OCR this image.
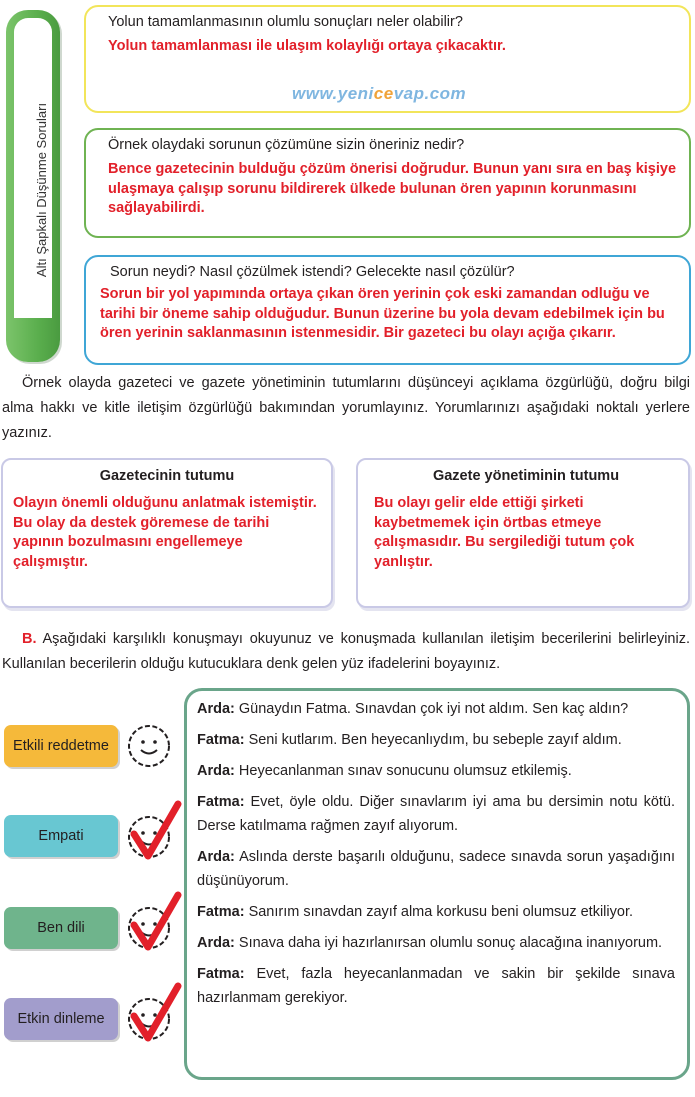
Altı Şapkalı Düşünme Soruları
Yolun tamamlanmasının olumlu sonuçları neler olabilir?
Yolun tamamlanması ile ulaşım kolaylığı ortaya çıkacaktır.
www.yenicevap.com
Örnek olaydaki sorunun çözümüne sizin öneriniz nedir?
Bence gazetecinin bulduğu çözüm önerisi doğrudur. Bunun yanı sıra en baş kişiye ulaşmaya çalışıp sorunu bildirerek ülkede bulunan ören yapının korunmasını sağlayabilirdi.
Sorun neydi? Nasıl çözülmek istendi? Gelecekte nasıl çözülür?
Sorun bir yol yapımında ortaya çıkan ören yerinin çok eski zamandan odluğu ve tarihi bir öneme sahip olduğudur. Bunun üzerine bu yola devam edebilmek için bu ören yerinin saklanmasının istenmesidir. Bir gazeteci bu olayı açığa çıkarır.
Örnek olayda gazeteci ve gazete yönetiminin tutumlarını düşünceyi açıklama özgürlüğü, doğru bilgi alma hakkı ve kitle iletişim özgürlüğü bakımından yorumlayınız. Yorumlarınızı aşağıdaki noktalı yerlere yazınız.
Gazetecinin tutumu
Olayın önemli olduğunu anlatmak istemiştir. Bu olay da destek göremese de tarihi yapının bozulmasını engellemeye çalışmıştır.
Gazete yönetiminin tutumu
Bu olayı gelir elde ettiği şirketi kaybetmemek için örtbas etmeye çalışmasıdır. Bu sergilediği tutum çok yanlıştır.
B. Aşağıdaki karşılıklı konuşmayı okuyunuz ve konuşmada kullanılan iletişim becerilerini belirleyiniz. Kullanılan becerilerin olduğu kutucuklara denk gelen yüz ifadelerini boyayınız.
Etkili reddetme
Empati
Ben dili
Etkin dinleme
Arda: Günaydın Fatma. Sınavdan çok iyi not aldım. Sen kaç aldın?
Fatma: Seni kutlarım. Ben heyecanlıydım, bu sebeple zayıf aldım.
Arda: Heyecanlanman sınav sonucunu olumsuz etkilemiş.
Fatma: Evet, öyle oldu. Diğer sınavlarım iyi ama bu dersimin notu kötü. Derse katılmama rağmen zayıf alıyorum.
Arda: Aslında derste başarılı olduğunu, sadece sınavda sorun yaşadığını düşünüyorum.
Fatma: Sanırım sınavdan zayıf alma korkusu beni olumsuz etkiliyor.
Arda: Sınava daha iyi hazırlanırsan olumlu sonuç alacağına inanıyorum.
Fatma: Evet, fazla heyecanlanmadan ve sakin bir şekilde sınava hazırlanmam gerekiyor.
